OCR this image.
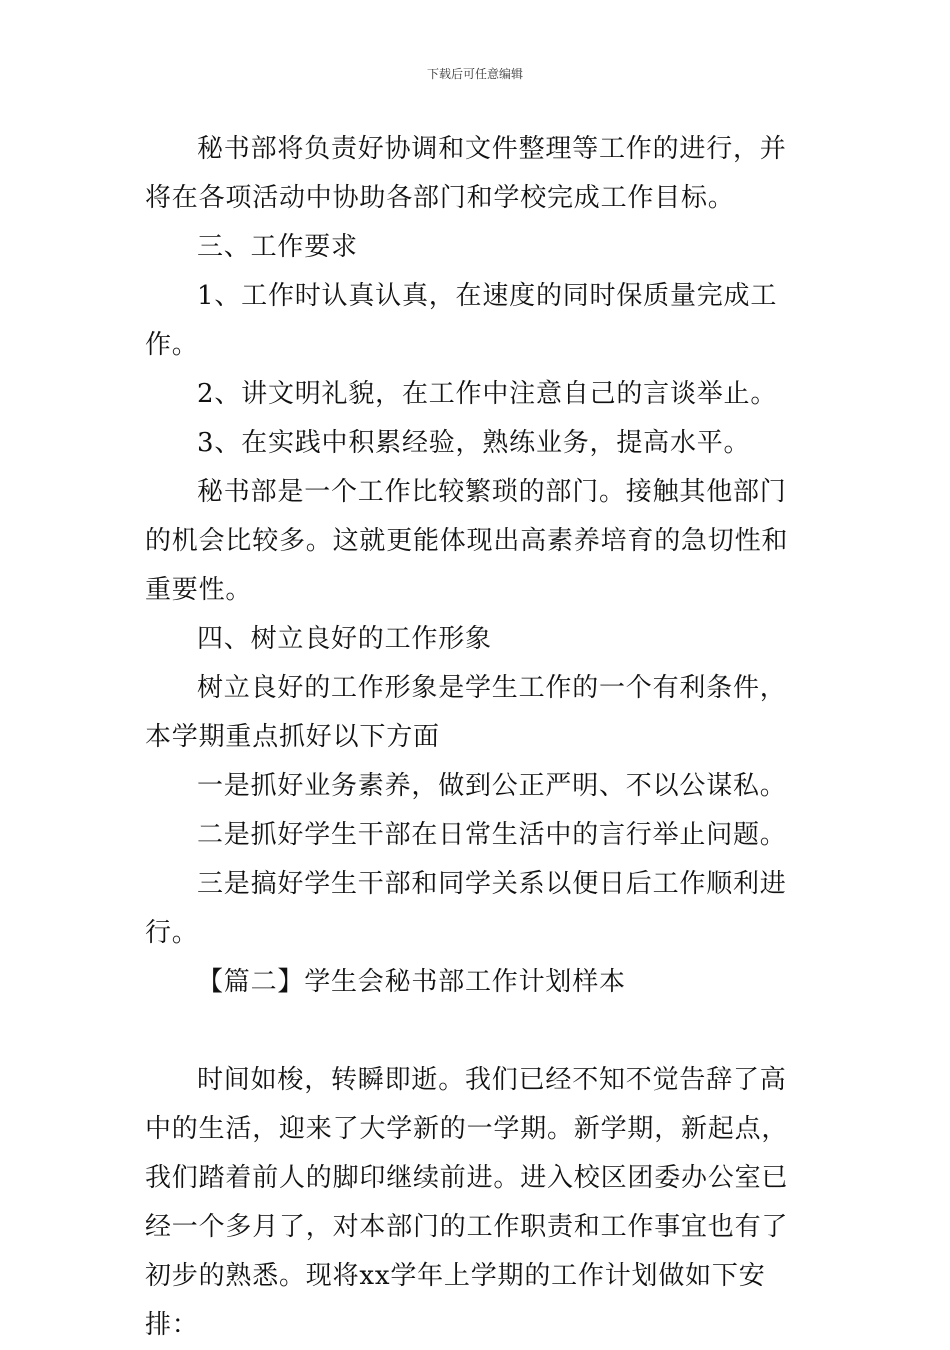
下载后可任意编辑

秘书部将负责好协调和文件整理等工作的进行，并将在各项活动中协助各部门和学校完成工作目标。

三、工作要求

1、工作时认真认真，在速度的同时保质量完成工作。

2、讲文明礼貌，在工作中注意自己的言谈举止。

3、在实践中积累经验，熟练业务，提高水平。

秘书部是一个工作比较繁琐的部门。接触其他部门的机会比较多。这就更能体现出高素养培育的急切性和重要性。

四、树立良好的工作形象

树立良好的工作形象是学生工作的一个有利条件，本学期重点抓好以下方面

一是抓好业务素养，做到公正严明、不以公谋私。

二是抓好学生干部在日常生活中的言行举止问题。

三是搞好学生干部和同学关系以便日后工作顺利进行。

【篇二】学生会秘书部工作计划样本

时间如梭，转瞬即逝。我们已经不知不觉告辞了高中的生活，迎来了大学新的一学期。新学期，新起点，我们踏着前人的脚印继续前进。进入校区团委办公室已经一个多月了，对本部门的工作职责和工作事宜也有了初步的熟悉。现将xx学年上学期的工作计划做如下安排：
